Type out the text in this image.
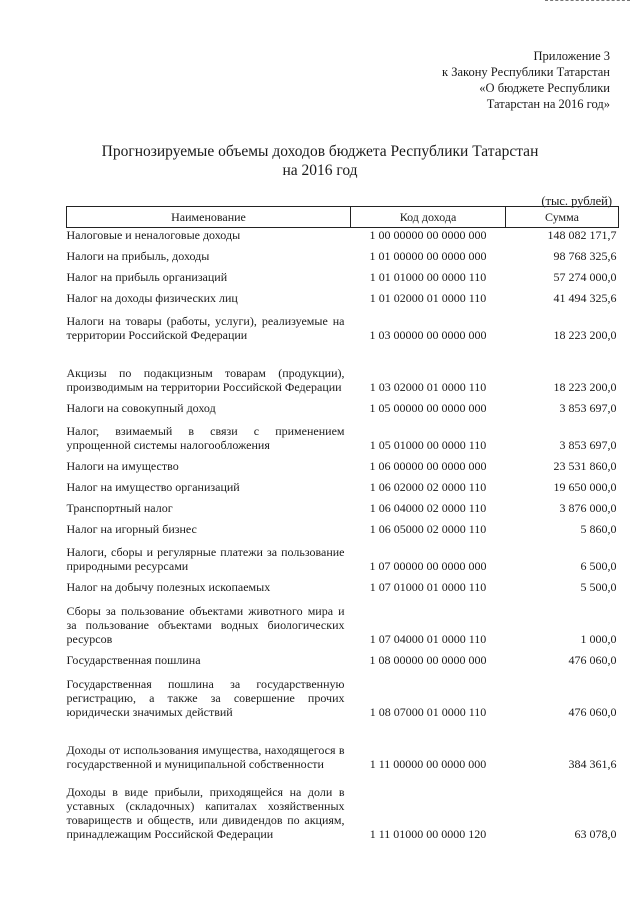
Приложение 3
к Закону Республики Татарстан
«О бюджете Республики
Татарстан на 2016 год»
Прогнозируемые объемы доходов бюджета Республики Татарстан
на 2016 год
(тыс. рублей)
Наименование	Код дохода	Сумма
Налоговые и неналоговые доходы	1 00 00000 00 0000 000	148 082 171,7
Налоги на прибыль, доходы	1 01 00000 00 0000 000	98 768 325,6
Налог на прибыль организаций	1 01 01000 00 0000 110	57 274 000,0
Налог на доходы физических лиц	1 01 02000 01 0000 110	41 494 325,6
Налоги на товары (работы, услуги), реализуемые на территории Российской Федерации	1 03 00000 00 0000 000	18 223 200,0
Акцизы по подакцизным товарам (продукции), производимым на территории Российской Федерации	1 03 02000 01 0000 110	18 223 200,0
Налоги на совокупный доход	1 05 00000 00 0000 000	3 853 697,0
Налог, взимаемый в связи с применением упрощенной системы налогообложения	1 05 01000 00 0000 110	3 853 697,0
Налоги на имущество	1 06 00000 00 0000 000	23 531 860,0
Налог на имущество организаций	1 06 02000 02 0000 110	19 650 000,0
Транспортный налог	1 06 04000 02 0000 110	3 876 000,0
Налог на игорный бизнес	1 06 05000 02 0000 110	5 860,0
Налоги, сборы и регулярные платежи за пользование природными ресурсами	1 07 00000 00 0000 000	6 500,0
Налог на добычу полезных ископаемых	1 07 01000 01 0000 110	5 500,0
Сборы за пользование объектами животного мира и за пользование объектами водных биологических ресурсов	1 07 04000 01 0000 110	1 000,0
Государственная пошлина	1 08 00000 00 0000 000	476 060,0
Государственная пошлина за государственную регистрацию, а также за совершение прочих юридически значимых действий	1 08 07000 01 0000 110	476 060,0
Доходы от использования имущества, находящегося в государственной и муниципальной собственности	1 11 00000 00 0000 000	384 361,6
Доходы в виде прибыли, приходящейся на доли в уставных (складочных) капиталах хозяйственных товариществ и обществ, или дивидендов по акциям, принадлежащим Российской Федерации	1 11 01000 00 0000 120	63 078,0
